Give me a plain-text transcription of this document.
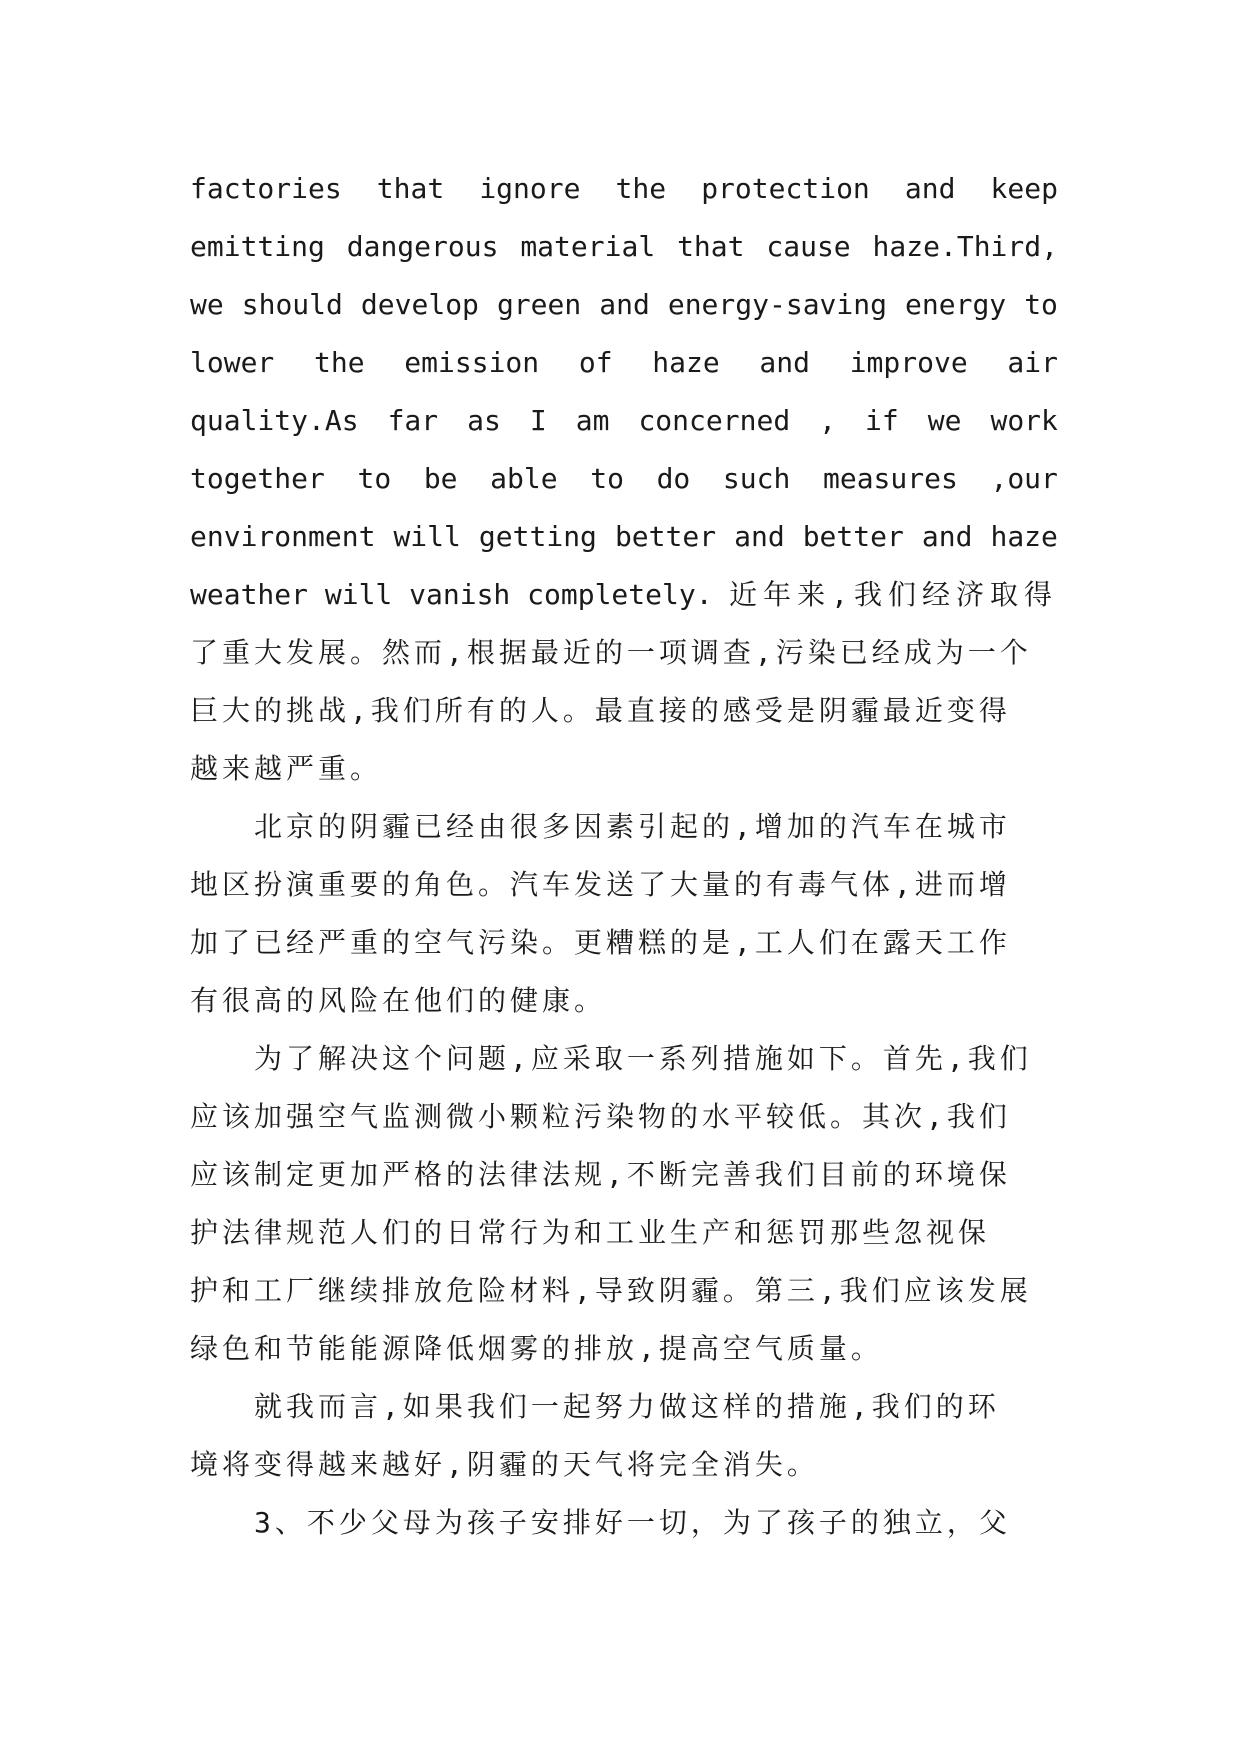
factories that ignore the protection and keep
emitting dangerous material that cause haze.Third,
we should develop green and energy-saving energy to
lower the emission of haze and improve air
quality.As far as I am concerned , if we work
together to be able to do such measures ,our
environment will getting better and better and haze
weather will vanish completely. 近年来,我们经济取得
了重大发展。然而,根据最近的一项调查,污染已经成为一个
巨大的挑战,我们所有的人。最直接的感受是阴霾最近变得
越来越严重。
北京的阴霾已经由很多因素引起的,增加的汽车在城市
地区扮演重要的角色。汽车发送了大量的有毒气体,进而增
加了已经严重的空气污染。更糟糕的是,工人们在露天工作
有很高的风险在他们的健康。
为了解决这个问题,应采取一系列措施如下。首先,我们
应该加强空气监测微小颗粒污染物的水平较低。其次,我们
应该制定更加严格的法律法规,不断完善我们目前的环境保
护法律规范人们的日常行为和工业生产和惩罚那些忽视保
护和工厂继续排放危险材料,导致阴霾。第三,我们应该发展
绿色和节能能源降低烟雾的排放,提高空气质量。
就我而言,如果我们一起努力做这样的措施,我们的环
境将变得越来越好,阴霾的天气将完全消失。
3、不少父母为孩子安排好一切，为了孩子的独立，父
